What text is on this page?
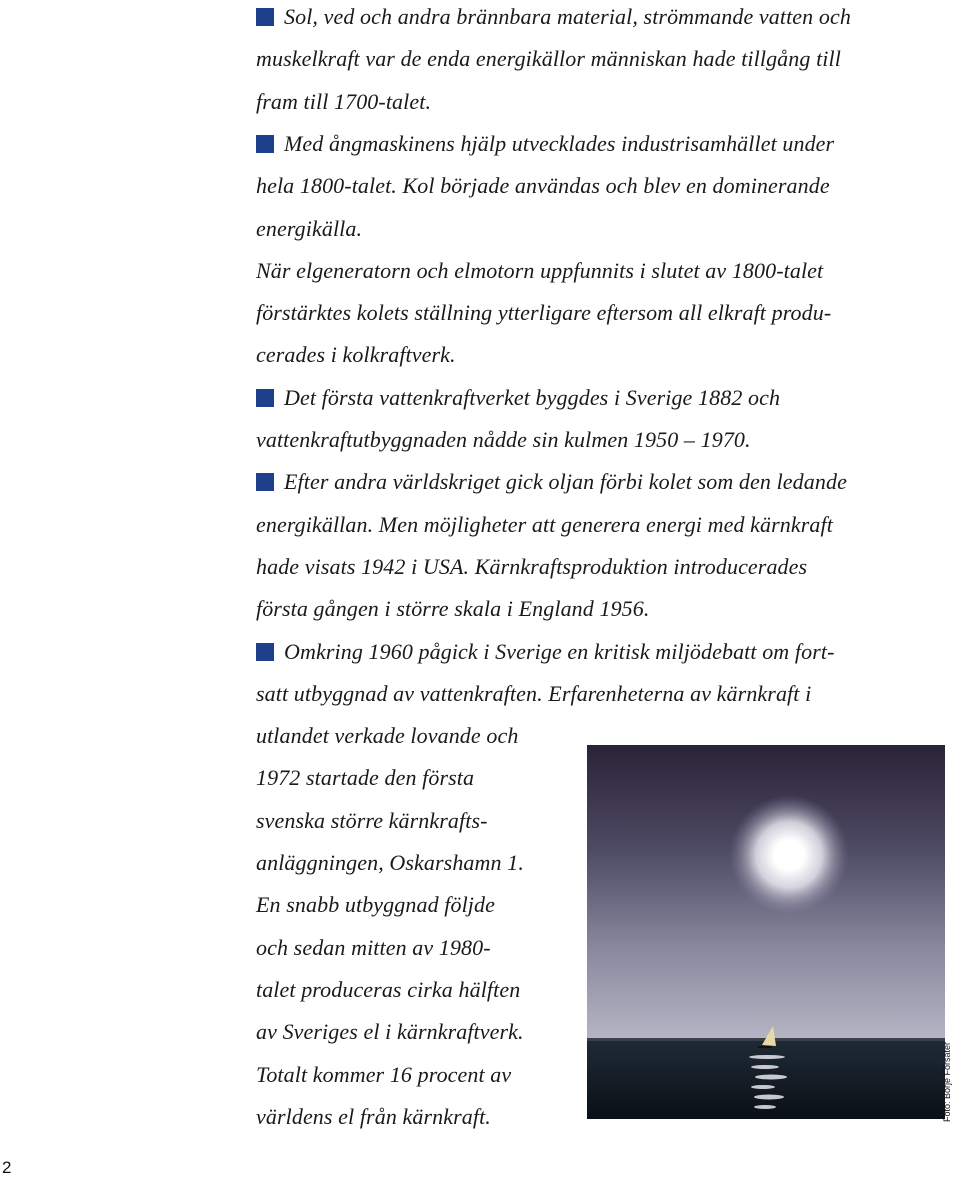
Sol, ved och andra brännbara material, strömmande vatten och
muskelkraft var de enda energikällor människan hade tillgång till
fram till 1700-talet.
Med ångmaskinens hjälp utvecklades industrisamhället under
hela 1800-talet. Kol började användas och blev en dominerande
energikälla.
När elgeneratorn och elmotorn uppfunnits i slutet av 1800-talet
förstärktes kolets ställning ytterligare eftersom all elkraft produ-
cerades i kolkraftverk.
Det första vattenkraftverket byggdes i Sverige 1882 och
vattenkraftutbyggnaden nådde sin kulmen 1950 – 1970.
Efter andra världskriget gick oljan förbi kolet som den ledande
energikällan. Men möjligheter att generera energi med kärnkraft
hade visats 1942 i USA. Kärnkraftsproduktion introducerades
första gången i större skala i England 1956.
Omkring 1960 pågick i Sverige en kritisk miljödebatt om fort-
satt utbyggnad av vattenkraften. Erfarenheterna av kärnkraft i
utlandet verkade lovande och
1972 startade den första
svenska större kärnkrafts-
anläggningen, Oskarshamn 1.
En snabb utbyggnad följde
och sedan mitten av 1980-
talet produceras cirka hälften
av Sveriges el i kärnkraftverk.
Totalt kommer 16 procent av
världens el från kärnkraft.	Foto: Börje Försäter
2
